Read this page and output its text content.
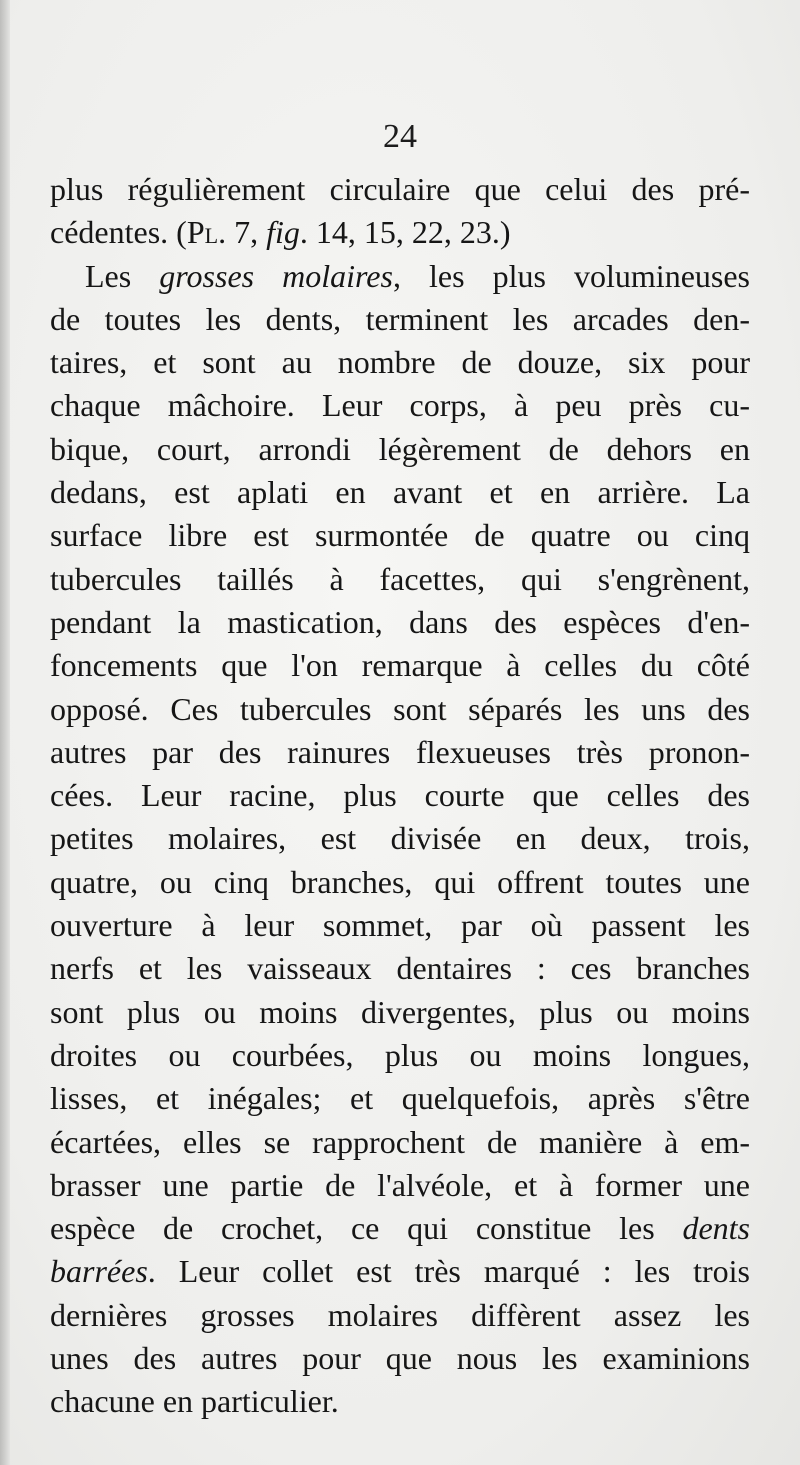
24
plus régulièrement circulaire que celui des pré-
cédentes. (Pl. 7, fig. 14, 15, 22, 23.)
Les grosses molaires, les plus volumineuses
de toutes les dents, terminent les arcades den-
taires, et sont au nombre de douze, six pour
chaque mâchoire. Leur corps, à peu près cu-
bique, court, arrondi légèrement de dehors en
dedans, est aplati en avant et en arrière. La
surface libre est surmontée de quatre ou cinq
tubercules taillés à facettes, qui s'engrènent,
pendant la mastication, dans des espèces d'en-
foncements que l'on remarque à celles du côté
opposé. Ces tubercules sont séparés les uns des
autres par des rainures flexueuses très pronon-
cées. Leur racine, plus courte que celles des
petites molaires, est divisée en deux, trois,
quatre, ou cinq branches, qui offrent toutes une
ouverture à leur sommet, par où passent les
nerfs et les vaisseaux dentaires : ces branches
sont plus ou moins divergentes, plus ou moins
droites ou courbées, plus ou moins longues,
lisses, et inégales; et quelquefois, après s'être
écartées, elles se rapprochent de manière à em-
brasser une partie de l'alvéole, et à former une
espèce de crochet, ce qui constitue les dents
barrées. Leur collet est très marqué : les trois
dernières grosses molaires diffèrent assez les
unes des autres pour que nous les examinions
chacune en particulier.
